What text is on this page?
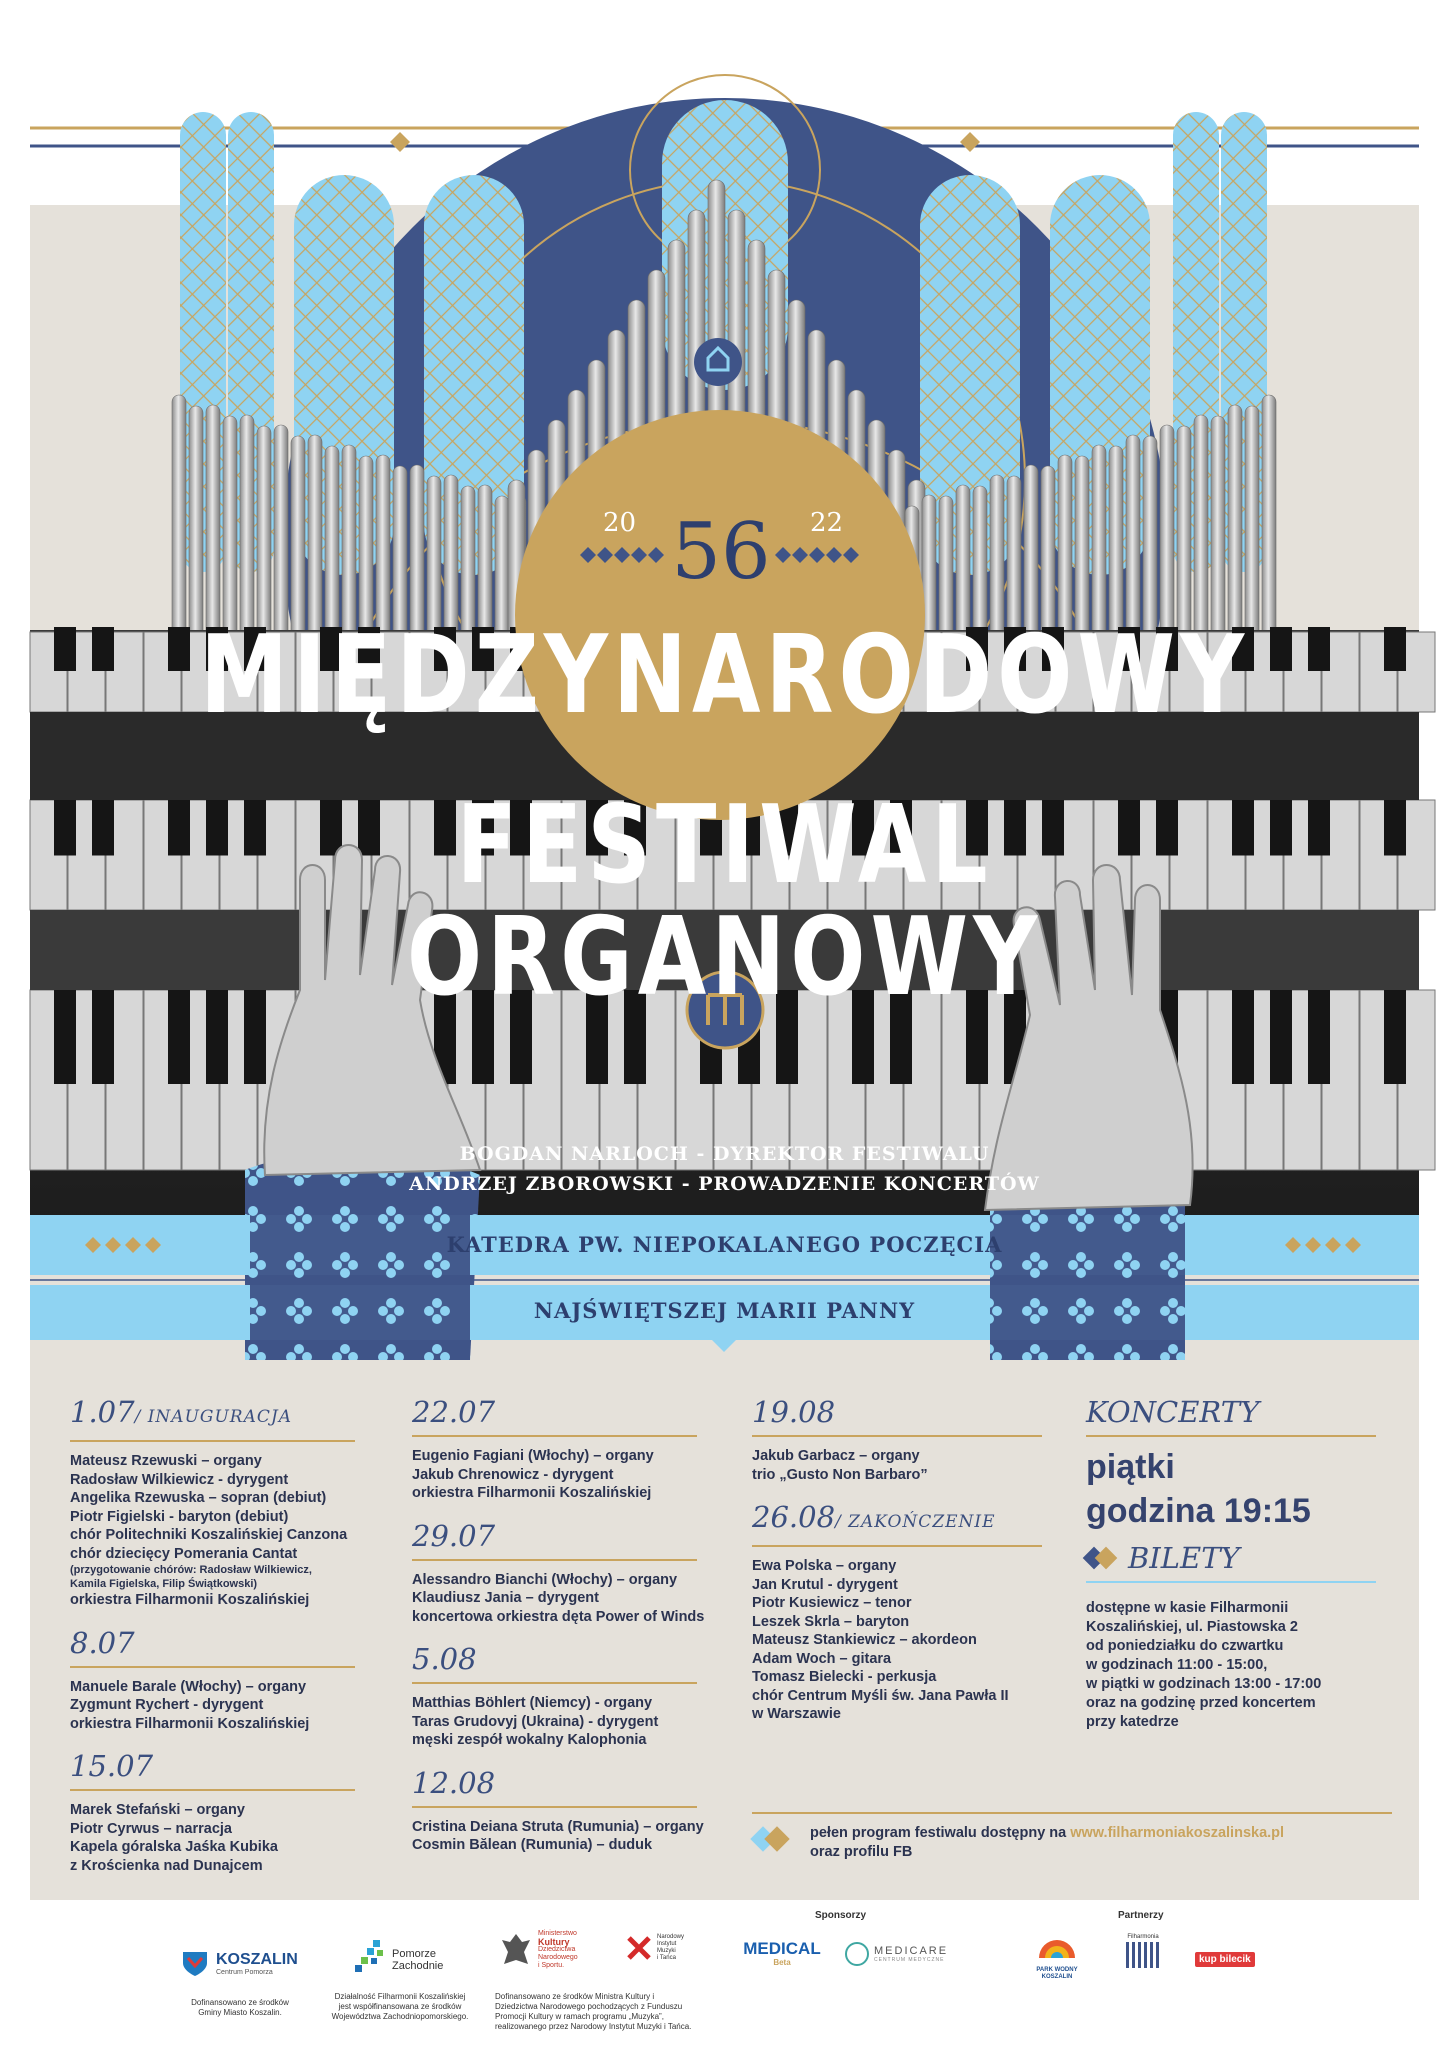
20 56 22
MIĘDZYNARODOWY
FESTIWAL ORGANOWY
BOGDAN NARLOCH - DYREKTOR FESTIWALU
ANDRZEJ ZBOROWSKI - PROWADZENIE KONCERTÓW
KATEDRA PW. NIEPOKALANEGO POCZĘCIA
NAJŚWIĘTSZEJ MARII PANNY
1.07/ INAUGURACJA
Mateusz Rzewuski – organy
Radosław Wilkiewicz - dyrygent
Angelika Rzewuska – sopran (debiut)
Piotr Figielski - baryton (debiut)
chór Politechniki Koszalińskiej Canzona
chór dziecięcy Pomerania Cantat
(przygotowanie chórów: Radosław Wilkiewicz,
Kamila Figielska, Filip Świątkowski)
orkiestra Filharmonii Koszalińskiej
8.07
Manuele Barale (Włochy) – organy
Zygmunt Rychert - dyrygent
orkiestra Filharmonii Koszalińskiej
15.07
Marek Stefański – organy
Piotr Cyrwus – narracja
Kapela góralska Jaśka Kubika
z Krościenka nad Dunajcem
22.07
Eugenio Fagiani (Włochy) – organy
Jakub Chrenowicz - dyrygent
orkiestra Filharmonii Koszalińskiej
29.07
Alessandro Bianchi (Włochy) – organy
Klaudiusz Jania – dyrygent
koncertowa orkiestra dęta Power of Winds
5.08
Matthias Böhlert (Niemcy) - organy
Taras Grudovyj (Ukraina) - dyrygent
męski zespół wokalny Kalophonia
12.08
Cristina Deiana Struta (Rumunia) – organy
Cosmin Bălean (Rumunia) – duduk
19.08
Jakub Garbacz – organy
trio „Gusto Non Barbaro”
26.08/ ZAKOŃCZENIE
Ewa Polska – organy
Jan Krutul - dyrygent
Piotr Kusiewicz – tenor
Leszek Skrla – baryton
Mateusz Stankiewicz – akordeon
Adam Woch – gitara
Tomasz Bielecki - perkusja
chór Centrum Myśli św. Jana Pawła II
w Warszawie
KONCERTY
piątki
godzina 19:15
BILETY
dostępne w kasie Filharmonii
Koszalińskiej, ul. Piastowska 2
od poniedziałku do czwartku
w godzinach 11:00 - 15:00,
w piątki w godzinach 13:00 - 17:00
oraz na godzinę przed koncertem
przy katedrze
pełen program festiwalu dostępny na www.filharmoniakoszalinska.pl
oraz profilu FB
KOSZALIN
Centrum Pomorza
Dofinansowano ze środków
Gminy Miasto Koszalin.
Pomorze
Zachodnie
Działalność Filharmonii Koszalińskiej
jest współfinansowana ze środków
Województwa Zachodniopomorskiego.
Ministerstwo
Kultury
Dziedzictwa
Narodowego
i Sportu.
Narodowy
Instytut
Muzyki
i Tańca
Dofinansowano ze środków Ministra Kultury i
Dziedzictwa Narodowego pochodzących z Funduszu
Promocji Kultury w ramach programu „Muzyka”,
realizowanego przez Narodowy Instytut Muzyki i Tańca.
Sponsorzy
MEDICAL
Beta
MEDICARE
CENTRUM MEDYCZNE
Partnerzy
PARK WODNY KOSZALIN
Filharmonia
kup bilecik
